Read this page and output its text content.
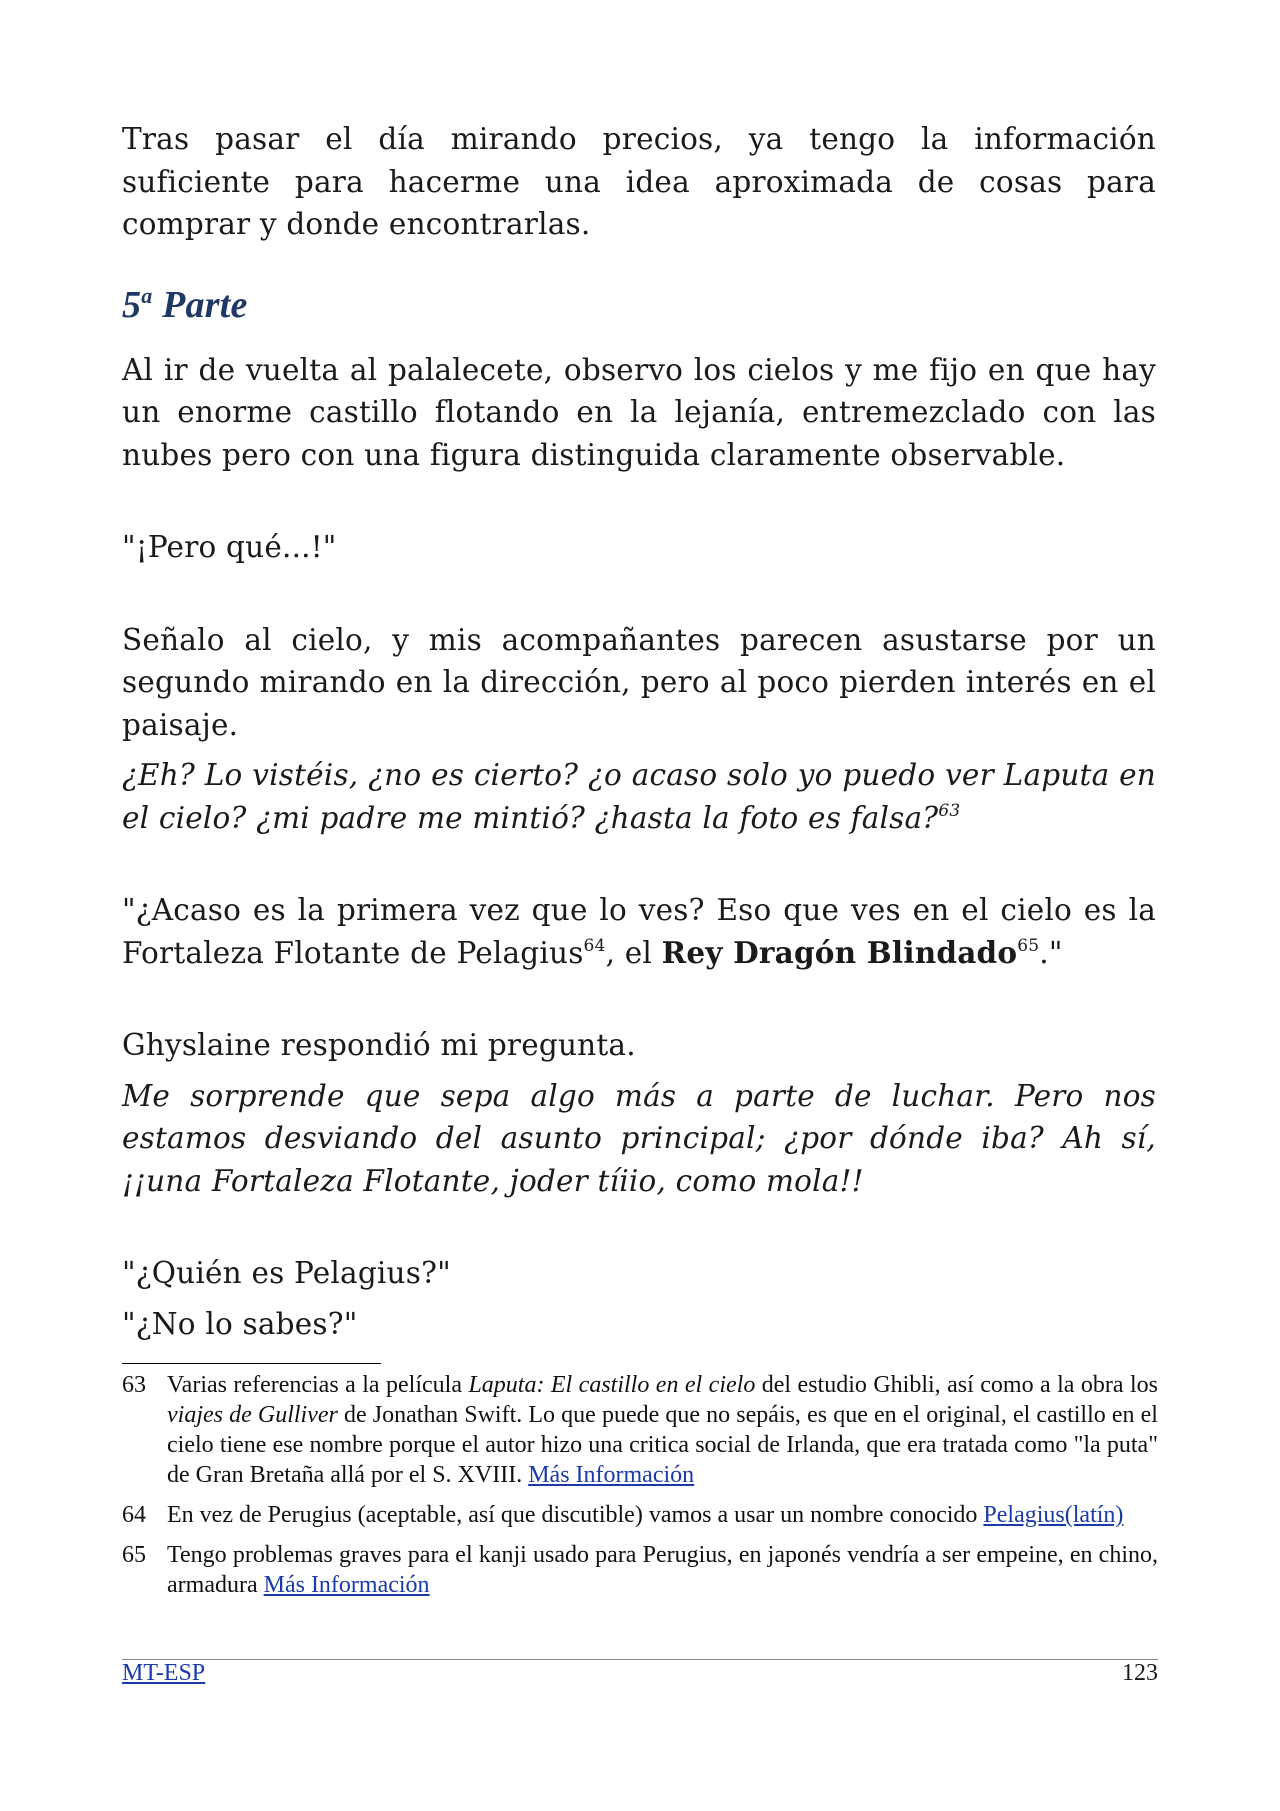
Tras pasar el día mirando precios, ya tengo la información suficiente para hacerme una idea aproximada de cosas para comprar y donde encontrarlas.

5$^a$ Parte

Al ir de vuelta al palalecete, observo los cielos y me fijo en que hay un enorme castillo flotando en la lejanía, entremezclado con las nubes pero con una figura distinguida claramente observable.

"¡Pero qué...!"

Señalo al cielo, y mis acompañantes parecen asustarse por un segundo mirando en la dirección, pero al poco pierden interés en el paisaje.

¿Eh? Lo vistéis, ¿no es cierto? ¿o acaso solo yo puedo ver Laputa en el cielo? ¿mi padre me mintió? ¿hasta la foto es falsa?$^{63}$

"¿Acaso es la primera vez que lo ves? Eso que ves en el cielo es la Fortaleza Flotante de Pelagius$^{64}$, el Rey Dragón Blindado$^{65}$."

Ghyslaine respondió mi pregunta.

Me sorprende que sepa algo más a parte de luchar. Pero nos estamos desviando del asunto principal; ¿por dónde iba? Ah sí, ¡¡una Fortaleza Flotante, joder tíiio, como mola!!

"¿Quién es Pelagius?"

"¿No lo sabes?"

63 Varias referencias a la película Laputa: El castillo en el cielo del estudio Ghibli, así como a la obra los viajes de Gulliver de Jonathan Swift. Lo que puede que no sepáis, es que en el original, el castillo en el cielo tiene ese nombre porque el autor hizo una critica social de Irlanda, que era tratada como "la puta" de Gran Bretaña allá por el S. XVIII. Más Información
64 En vez de Perugius (aceptable, así que discutible) vamos a usar un nombre conocido Pelagius(latín)
65 Tengo problemas graves para el kanji usado para Perugius, en japonés vendría a ser empeine, en chino, armadura Más Información
MT-ESP	123
